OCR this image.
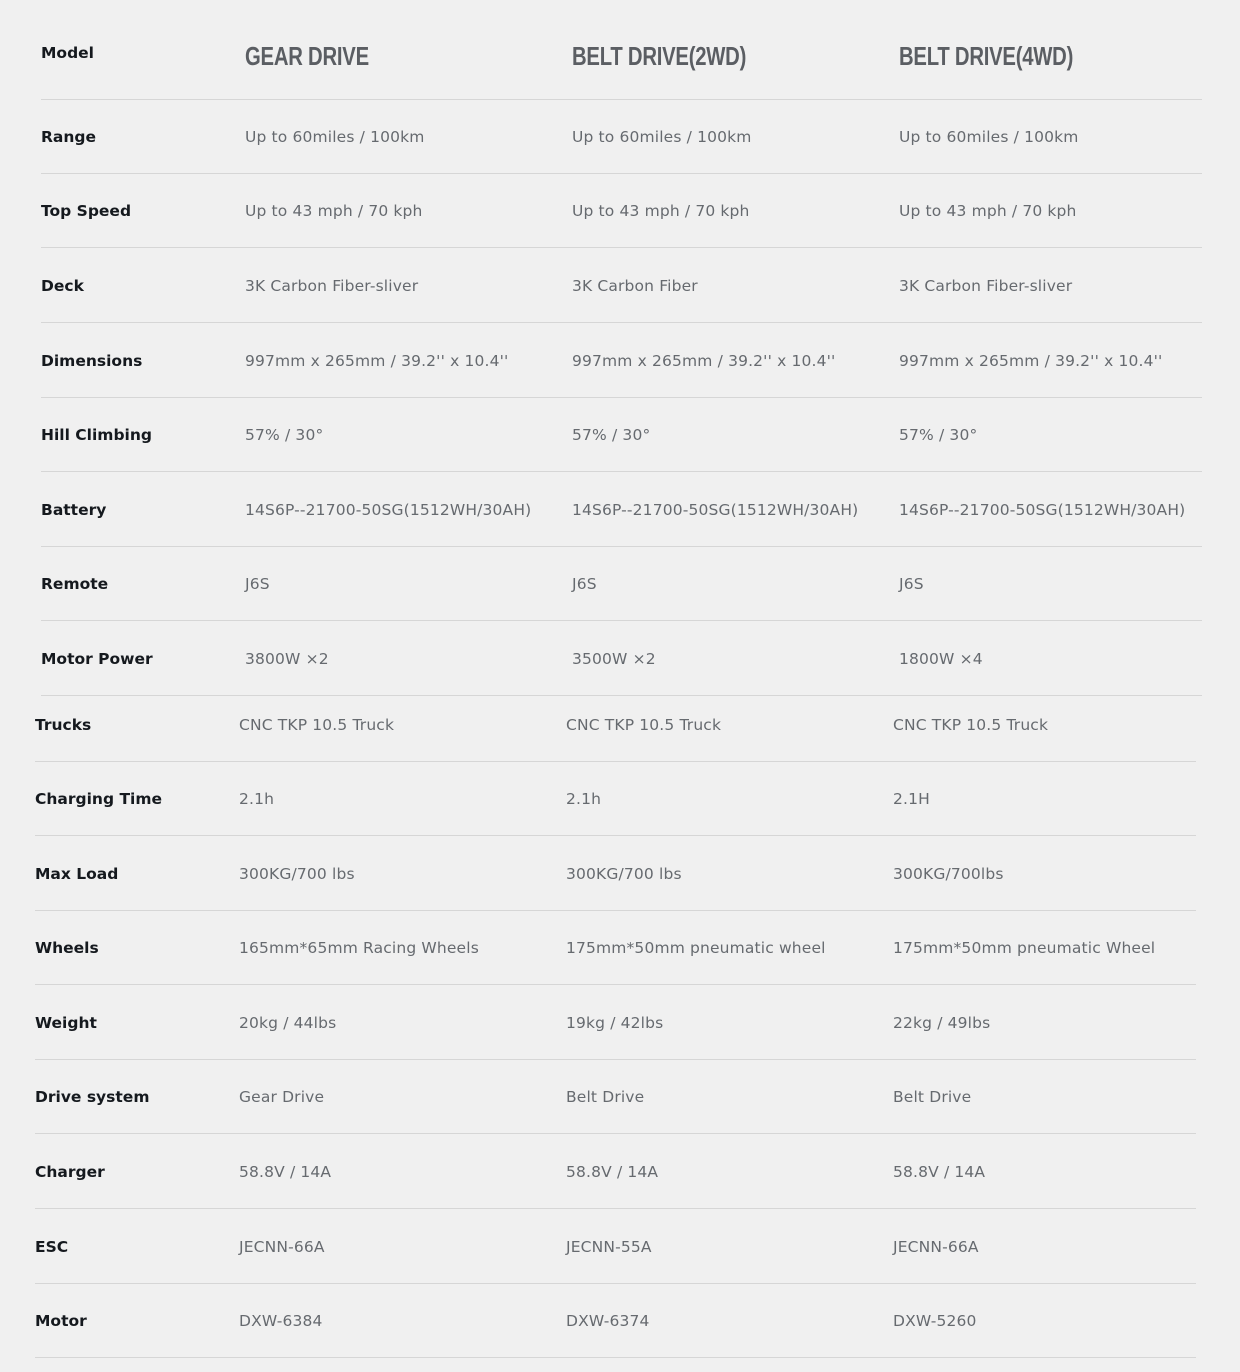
Model	GEAR DRIVE	BELT DRIVE(2WD)	BELT DRIVE(4WD)
Range	Up to 60miles / 100km	Up to 60miles / 100km	Up to 60miles / 100km
Top Speed	Up to 43 mph / 70 kph	Up to 43 mph / 70 kph	Up to 43 mph / 70 kph
Deck	3K Carbon Fiber-sliver	3K Carbon Fiber	3K Carbon Fiber-sliver
Dimensions	997mm x 265mm / 39.2'' x 10.4''	997mm x 265mm / 39.2'' x 10.4''	997mm x 265mm / 39.2'' x 10.4''
Hill Climbing	57% / 30°	57% / 30°	57% / 30°
Battery	14S6P--21700-50SG(1512WH/30AH)	14S6P--21700-50SG(1512WH/30AH)	14S6P--21700-50SG(1512WH/30AH)
Remote	J6S	J6S	J6S
Motor Power	3800W ×2	3500W ×2	1800W ×4
Trucks	CNC TKP 10.5 Truck	CNC TKP 10.5 Truck	CNC TKP 10.5 Truck
Charging Time	2.1h	2.1h	2.1H
Max Load	300KG/700 lbs	300KG/700 lbs	300KG/700lbs
Wheels	165mm*65mm Racing Wheels	175mm*50mm pneumatic wheel	175mm*50mm pneumatic Wheel
Weight	20kg / 44lbs	19kg / 42lbs	22kg / 49lbs
Drive system	Gear Drive	Belt Drive	Belt Drive
Charger	58.8V / 14A	58.8V / 14A	58.8V / 14A
ESC	JECNN-66A	JECNN-55A	JECNN-66A
Motor	DXW-6384	DXW-6374	DXW-5260
